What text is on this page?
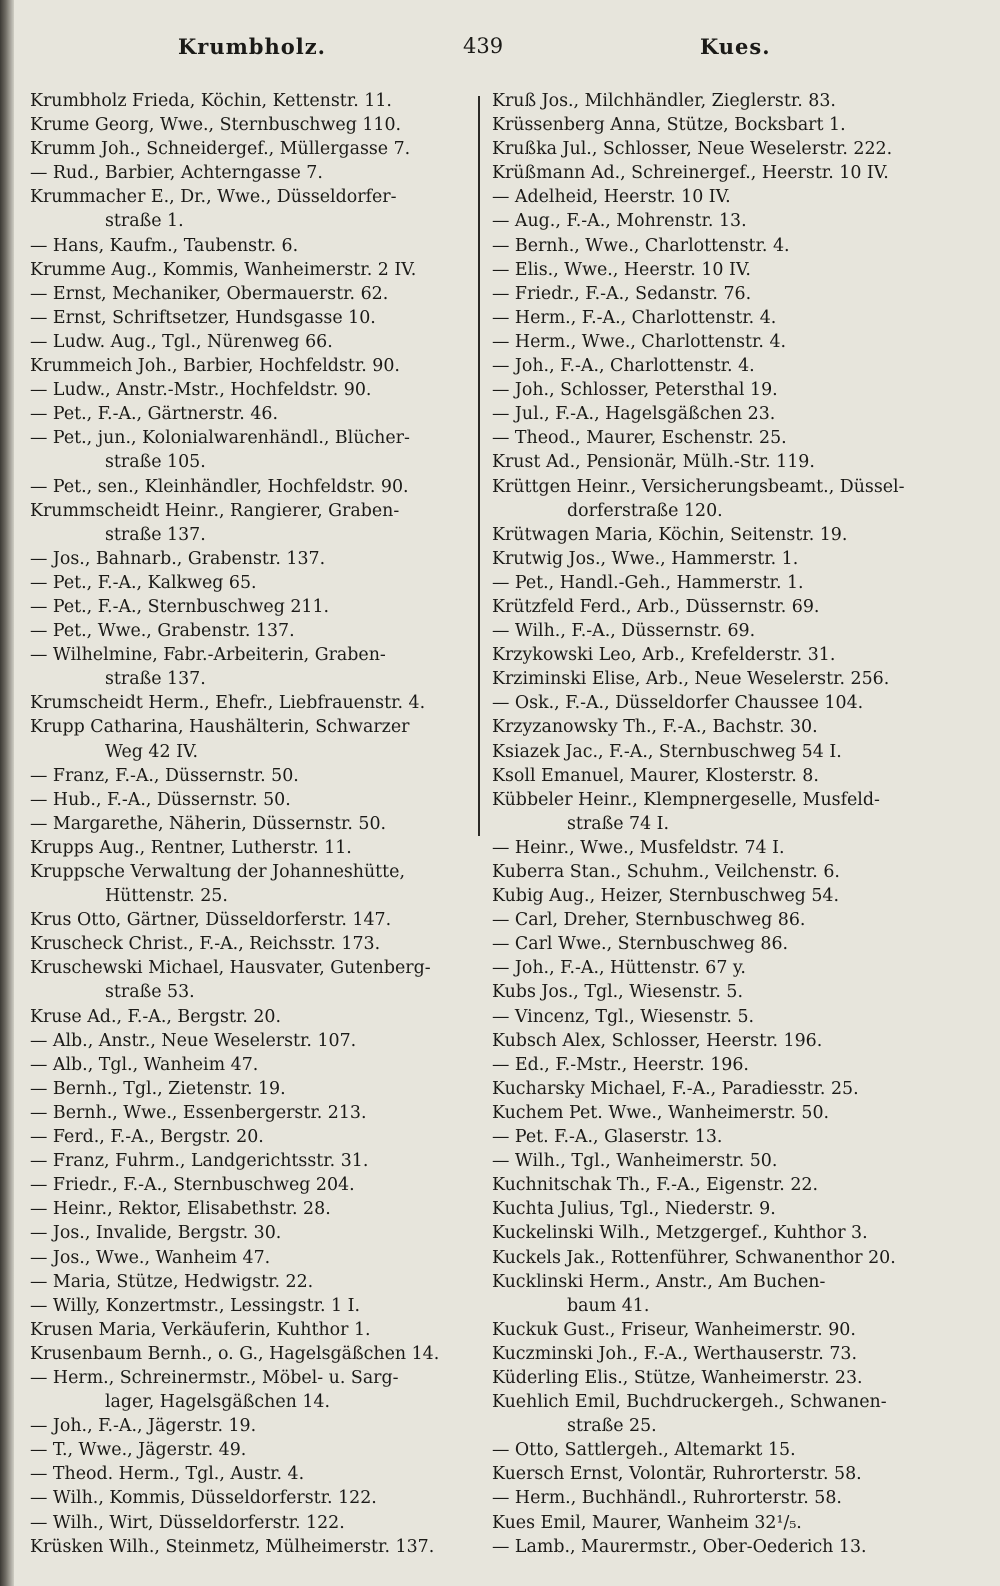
Krumbholz.	439	Kues.
Krumbholz Frieda, Köchin, Kettenstr. 11.
Krume Georg, Wwe., Sternbuschweg 110.
Krumm Joh., Schneidergef., Müllergasse 7.
— Rud., Barbier, Achterngasse 7.
Krummacher E., Dr., Wwe., Düsseldorfer-
straße 1.
— Hans, Kaufm., Taubenstr. 6.
Krumme Aug., Kommis, Wanheimerstr. 2 IV.
— Ernst, Mechaniker, Obermauerstr. 62.
— Ernst, Schriftsetzer, Hundsgasse 10.
— Ludw. Aug., Tgl., Nürenweg 66.
Krummeich Joh., Barbier, Hochfeldstr. 90.
— Ludw., Anstr.-Mstr., Hochfeldstr. 90.
— Pet., F.-A., Gärtnerstr. 46.
— Pet., jun., Kolonialwarenhändl., Blücher-
straße 105.
— Pet., sen., Kleinhändler, Hochfeldstr. 90.
Krummscheidt Heinr., Rangierer, Graben-
straße 137.
— Jos., Bahnarb., Grabenstr. 137.
— Pet., F.-A., Kalkweg 65.
— Pet., F.-A., Sternbuschweg 211.
— Pet., Wwe., Grabenstr. 137.
— Wilhelmine, Fabr.-Arbeiterin, Graben-
straße 137.
Krumscheidt Herm., Ehefr., Liebfrauenstr. 4.
Krupp Catharina, Haushälterin, Schwarzer
Weg 42 IV.
— Franz, F.-A., Düssernstr. 50.
— Hub., F.-A., Düssernstr. 50.
— Margarethe, Näherin, Düssernstr. 50.
Krupps Aug., Rentner, Lutherstr. 11.
Kruppsche Verwaltung der Johanneshütte,
Hüttenstr. 25.
Krus Otto, Gärtner, Düsseldorferstr. 147.
Kruscheck Christ., F.-A., Reichsstr. 173.
Kruschewski Michael, Hausvater, Gutenberg-
straße 53.
Kruse Ad., F.-A., Bergstr. 20.
— Alb., Anstr., Neue Weselerstr. 107.
— Alb., Tgl., Wanheim 47.
— Bernh., Tgl., Zietenstr. 19.
— Bernh., Wwe., Essenbergerstr. 213.
— Ferd., F.-A., Bergstr. 20.
— Franz, Fuhrm., Landgerichtsstr. 31.
— Friedr., F.-A., Sternbuschweg 204.
— Heinr., Rektor, Elisabethstr. 28.
— Jos., Invalide, Bergstr. 30.
— Jos., Wwe., Wanheim 47.
— Maria, Stütze, Hedwigstr. 22.
— Willy, Konzertmstr., Lessingstr. 1 I.
Krusen Maria, Verkäuferin, Kuhthor 1.
Krusenbaum Bernh., o. G., Hagelsgäßchen 14.
— Herm., Schreinermstr., Möbel- u. Sarg-
lager, Hagelsgäßchen 14.
— Joh., F.-A., Jägerstr. 19.
— T., Wwe., Jägerstr. 49.
— Theod. Herm., Tgl., Austr. 4.
— Wilh., Kommis, Düsseldorferstr. 122.
— Wilh., Wirt, Düsseldorferstr. 122.
Krüsken Wilh., Steinmetz, Mülheimerstr. 137.
Kruß Jos., Milchhändler, Zieglerstr. 83.
Krüssenberg Anna, Stütze, Bocksbart 1.
Krußka Jul., Schlosser, Neue Weselerstr. 222.
Krüßmann Ad., Schreinergef., Heerstr. 10 IV.
— Adelheid, Heerstr. 10 IV.
— Aug., F.-A., Mohrenstr. 13.
— Bernh., Wwe., Charlottenstr. 4.
— Elis., Wwe., Heerstr. 10 IV.
— Friedr., F.-A., Sedanstr. 76.
— Herm., F.-A., Charlottenstr. 4.
— Herm., Wwe., Charlottenstr. 4.
— Joh., F.-A., Charlottenstr. 4.
— Joh., Schlosser, Petersthal 19.
— Jul., F.-A., Hagelsgäßchen 23.
— Theod., Maurer, Eschenstr. 25.
Krust Ad., Pensionär, Mülh.-Str. 119.
Krüttgen Heinr., Versicherungsbeamt., Düssel-
dorferstraße 120.
Krütwagen Maria, Köchin, Seitenstr. 19.
Krutwig Jos., Wwe., Hammerstr. 1.
— Pet., Handl.-Geh., Hammerstr. 1.
Krützfeld Ferd., Arb., Düssernstr. 69.
— Wilh., F.-A., Düssernstr. 69.
Krzykowski Leo, Arb., Krefelderstr. 31.
Krziminski Elise, Arb., Neue Weselerstr. 256.
— Osk., F.-A., Düsseldorfer Chaussee 104.
Krzyzanowsky Th., F.-A., Bachstr. 30.
Ksiazek Jac., F.-A., Sternbuschweg 54 I.
Ksoll Emanuel, Maurer, Klosterstr. 8.
Kübbeler Heinr., Klempnergeselle, Musfeld-
straße 74 I.
— Heinr., Wwe., Musfeldstr. 74 I.
Kuberra Stan., Schuhm., Veilchenstr. 6.
Kubig Aug., Heizer, Sternbuschweg 54.
— Carl, Dreher, Sternbuschweg 86.
— Carl Wwe., Sternbuschweg 86.
— Joh., F.-A., Hüttenstr. 67 y.
Kubs Jos., Tgl., Wiesenstr. 5.
— Vincenz, Tgl., Wiesenstr. 5.
Kubsch Alex, Schlosser, Heerstr. 196.
— Ed., F.-Mstr., Heerstr. 196.
Kucharsky Michael, F.-A., Paradiesstr. 25.
Kuchem Pet. Wwe., Wanheimerstr. 50.
— Pet. F.-A., Glaserstr. 13.
— Wilh., Tgl., Wanheimerstr. 50.
Kuchnitschak Th., F.-A., Eigenstr. 22.
Kuchta Julius, Tgl., Niederstr. 9.
Kuckelinski Wilh., Metzgergef., Kuhthor 3.
Kuckels Jak., Rottenführer, Schwanenthor 20.
Kucklinski Herm., Anstr., Am Buchen-
baum 41.
Kuckuk Gust., Friseur, Wanheimerstr. 90.
Kuczminski Joh., F.-A., Werthauserstr. 73.
Küderling Elis., Stütze, Wanheimerstr. 23.
Kuehlich Emil, Buchdruckergeh., Schwanen-
straße 25.
— Otto, Sattlergeh., Altemarkt 15.
Kuersch Ernst, Volontär, Ruhrorterstr. 58.
— Herm., Buchhändl., Ruhrorterstr. 58.
Kues Emil, Maurer, Wanheim 32¹/₅.
— Lamb., Maurermstr., Ober-Oederich 13.
